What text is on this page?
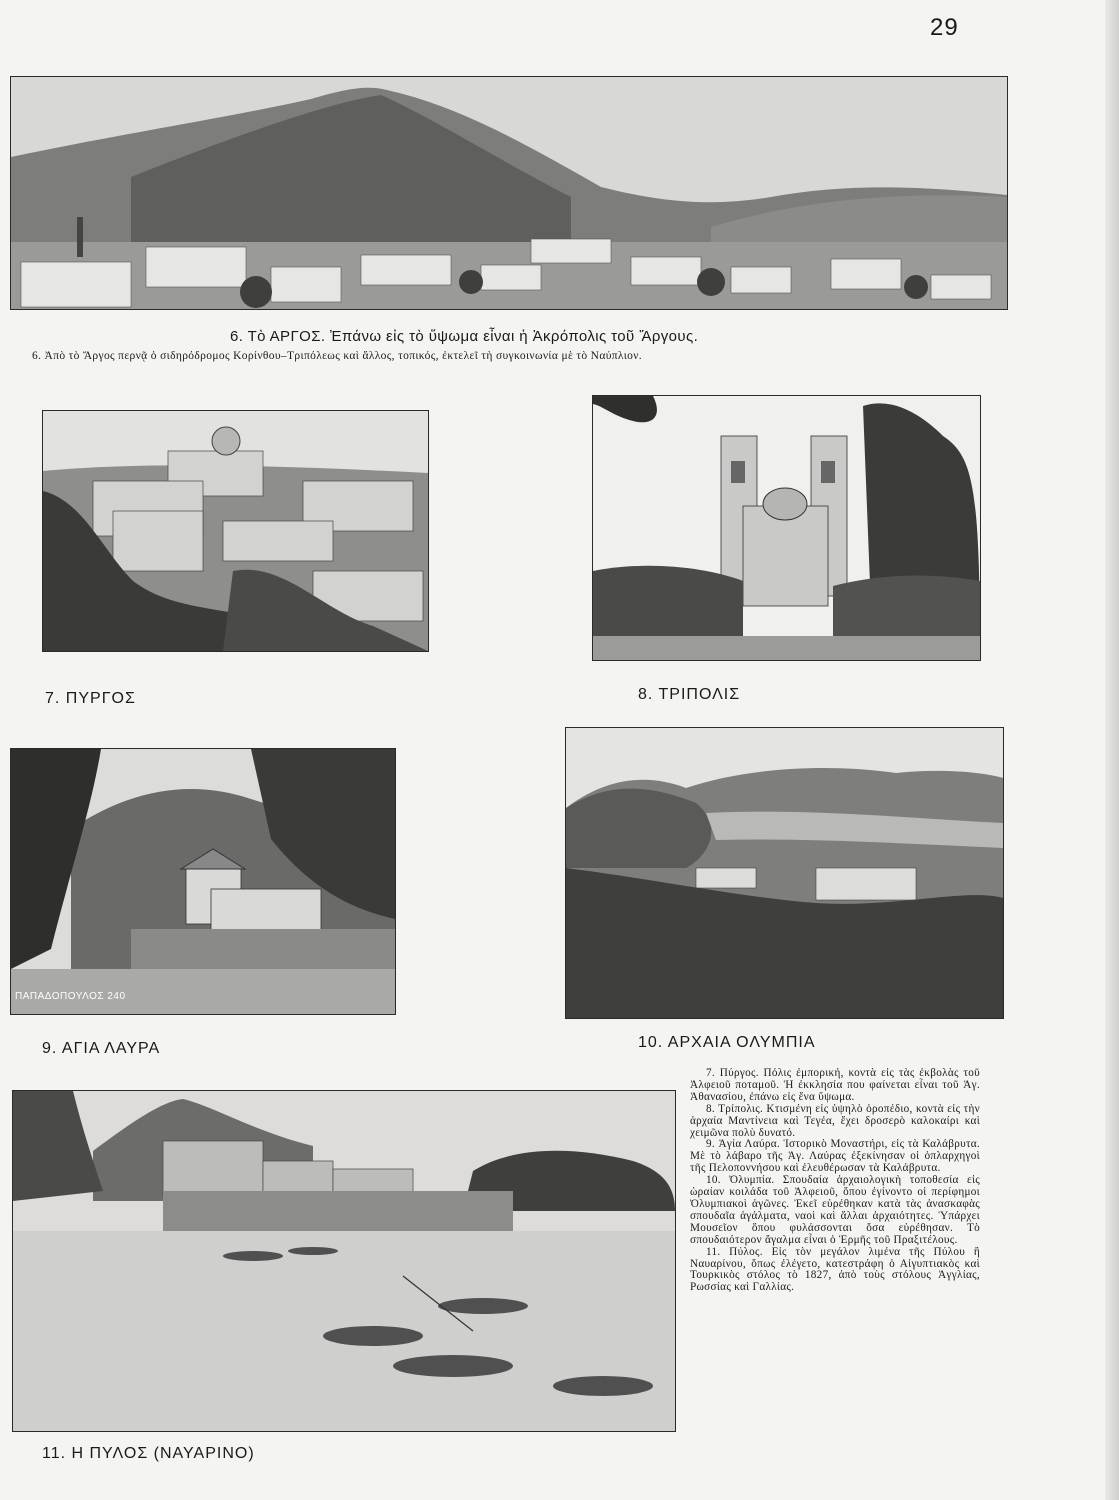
29
6. Τὸ ΑΡΓΟΣ. Ἐπάνω εἰς τὸ ὕψωμα εἶναι ἡ Ἀκρόπολις τοῦ Ἄργους.
6. Ἀπὸ τὸ Ἄργος περνᾷ ὁ σιδηρόδρομος Κορίνθου–Τριπόλεως καὶ ἄλλος, τοπικός, ἐκτελεῖ τὴ συγκοινωνία μὲ τὸ Ναύπλιον.
7. ΠΥΡΓΟΣ	8. ΤΡΙΠΟΛΙΣ
ΠΑΠΑΔΟΠΟΥΛΟΣ 240
9. ΑΓΙΑ ΛΑΥΡΑ	10. ΑΡΧΑΙΑ ΟΛΥΜΠΙΑ
11. Η ΠΥΛΟΣ (ΝΑΥΑΡΙΝΟ)

7. Πύργος. Πόλις ἐμπορική, κοντὰ εἰς τὰς ἐκβολὰς τοῦ Ἀλφειοῦ ποταμοῦ. Ἡ ἐκκλησία που φαίνεται εἶναι τοῦ Ἁγ. Ἀθανασίου, ἐπάνω εἰς ἕνα ὕψωμα.

8. Τρίπολις. Κτισμένη εἰς ὑψηλὸ ὀροπέδιο, κοντὰ εἰς τὴν ἀρχαία Μαντίνεια καὶ Τεγέα, ἔχει δροσερὸ καλοκαίρι καὶ χειμῶνα πολὺ δυνατό.

9. Ἁγία Λαύρα. Ἱστορικὸ Μοναστήρι, εἰς τὰ Καλάβρυτα. Μὲ τὸ λάβαρο τῆς Ἁγ. Λαύρας ἐξεκίνησαν οἱ ὁπλαρχηγοὶ τῆς Πελοποννήσου καὶ ἐλευθέρωσαν τὰ Καλάβρυτα.

10. Ὀλυμπία. Σπουδαία ἀρχαιολογικὴ τοποθεσία εἰς ὡραίαν κοιλάδα τοῦ Ἀλφειοῦ, ὅπου ἐγίνοντο οἱ περίφημοι Ὀλυμπιακοὶ ἀγῶνες. Ἐκεῖ εὑρέθηκαν κατὰ τὰς ἀνασκαφὰς σπουδαῖα ἀγάλματα, ναοὶ καὶ ἄλλαι ἀρχαιότητες. Ὑπάρχει Μουσεῖον ὅπου φυλάσσονται ὅσα εὑρέθησαν. Τὸ σπουδαιότερον ἄγαλμα εἶναι ὁ Ἑρμῆς τοῦ Πραξιτέλους.

11. Πύλος. Εἰς τὸν μεγάλον λιμένα τῆς Πύλου ἢ Ναυαρίνου, ὅπως ἐλέγετο, κατεστράφη ὁ Αἰγυπτιακὸς καὶ Τουρκικὸς στόλος τὸ 1827, ἀπὸ τοὺς στόλους Ἀγγλίας, Ρωσσίας καὶ Γαλλίας.
